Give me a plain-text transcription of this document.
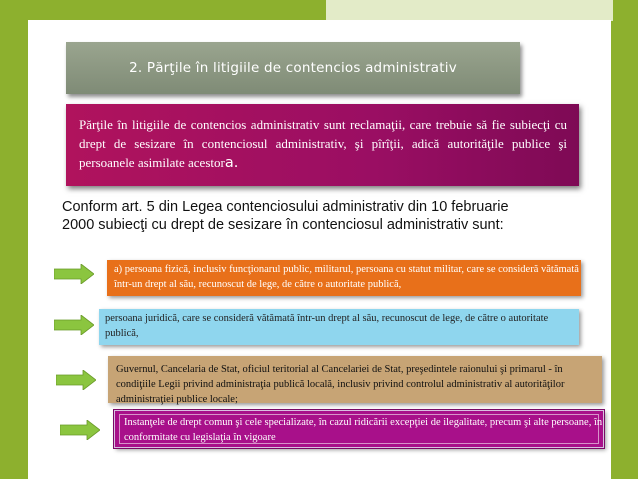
2. Părţile în litigiile de contencios administrativ
Părţile în litigiile de contencios administrativ sunt reclamaţii, care trebuie să fie subiecţi cu drept de sesizare în contenciosul administrativ, şi pîrîţii, adică autorităţile publice şi persoanele asimilate acestora.
Conform art. 5 din Legea contenciosului administrativ din 10 februarie 2000 subiecţi cu drept de sesizare în contenciosul administrativ sunt:
a) persoana fizică, inclusiv funcţionarul public, militarul, persoana cu statut militar, care se consideră vătămată într-un drept al său, recunoscut de lege, de către o autoritate publică,
persoana juridică, care se consideră vătămată într-un drept al său, recunoscut de lege, de către o autoritate publică,
Guvernul, Cancelaria de Stat, oficiul teritorial al Cancelariei de Stat, preşedintele raionului şi primarul - în condiţiile Legii privind administraţia publică locală, inclusiv privind controlul administrativ al autorităţilor administraţiei publice locale;
Instanţele de drept comun şi cele specializate, în cazul ridicării excepţiei de ilegalitate, precum şi alte persoane, în conformitate cu legislaţia în vigoare
